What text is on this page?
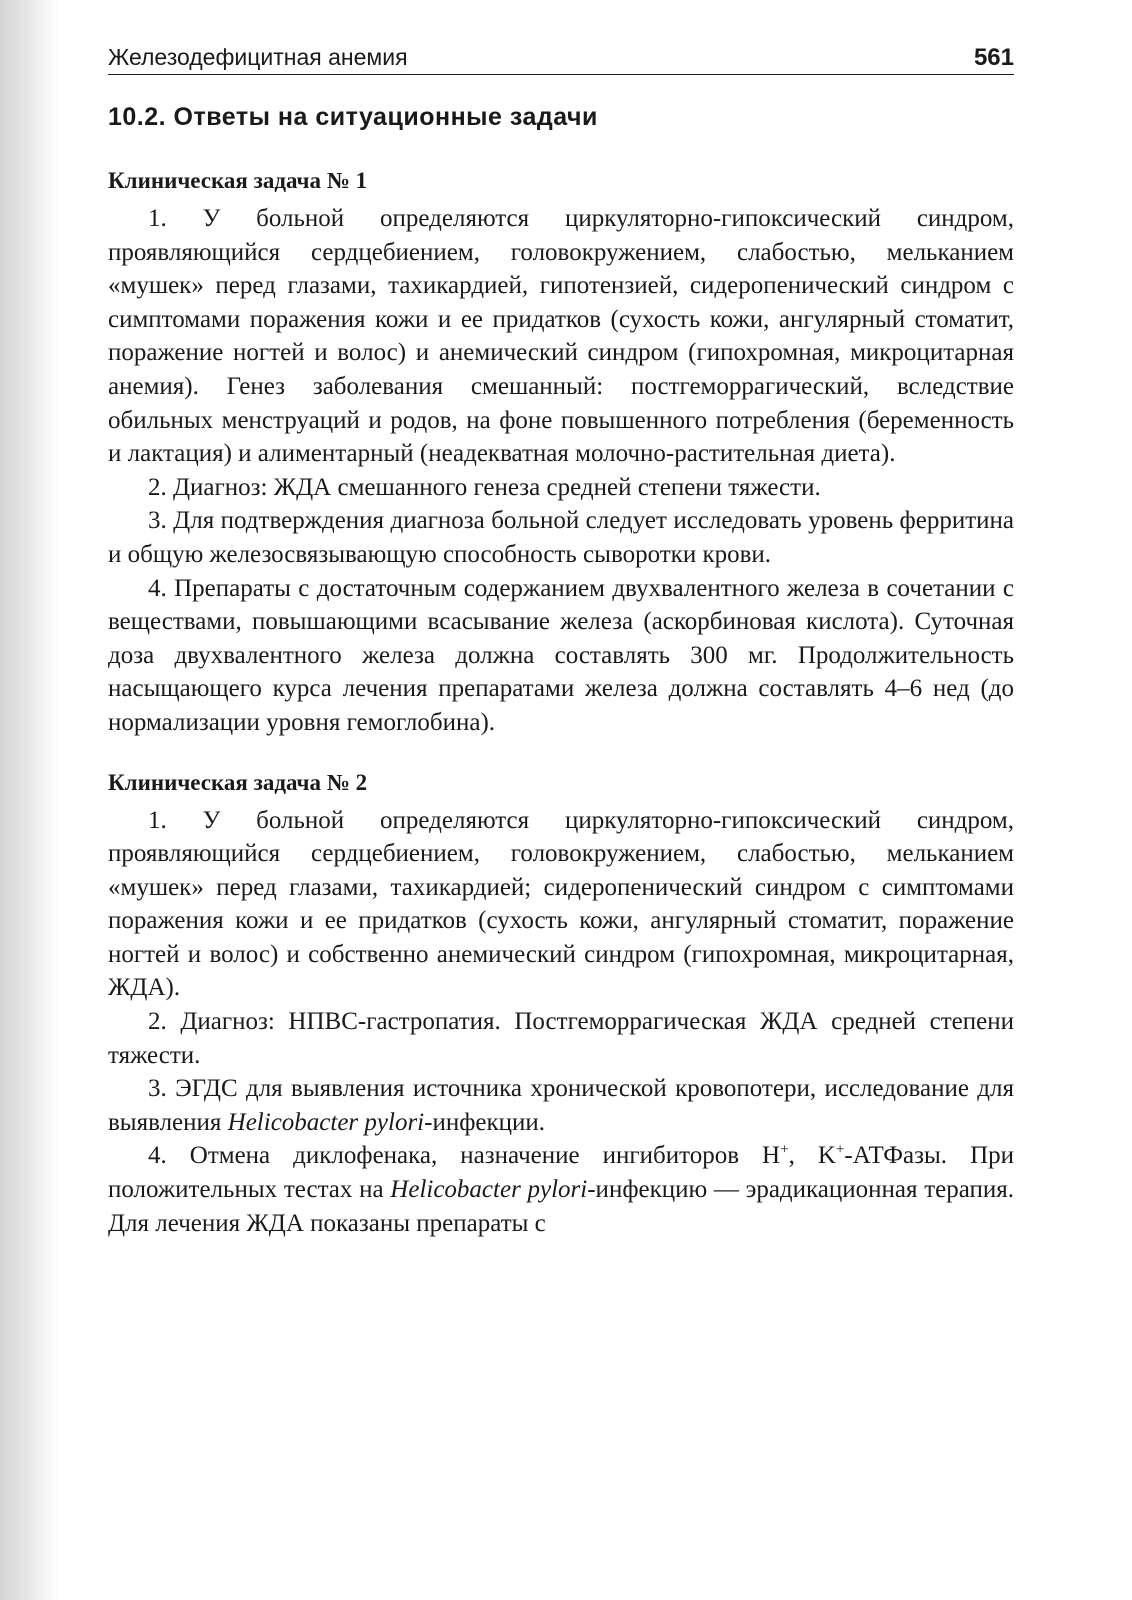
Железодефицитная анемия	561
10.2. Ответы на ситуационные задачи
Клиническая задача № 1

1. У больной определяются циркуляторно-гипоксический синдром, проявляющийся сердцебиением, головокружением, слабостью, мельканием «мушек» перед глазами, тахикардией, гипотензией, сидеропенический синдром с симптомами поражения кожи и ее придатков (сухость кожи, ангулярный стоматит, поражение ногтей и волос) и анемический синдром (гипохромная, микроцитарная анемия). Генез заболевания смешанный: постгеморрагический, вследствие обильных менструаций и родов, на фоне повышенного потребления (беременность и лактация) и алиментарный (неадекватная молочно-растительная диета).

2. Диагноз: ЖДА смешанного генеза средней степени тяжести.

3. Для подтверждения диагноза больной следует исследовать уровень ферритина и общую железосвязывающую способность сыворотки крови.

4. Препараты с достаточным содержанием двухвалентного железа в сочетании с веществами, повышающими всасывание железа (аскорбиновая кислота). Суточная доза двухвалентного железа должна составлять 300 мг. Продолжительность насыщающего курса лечения препаратами железа должна составлять 4–6 нед (до нормализации уровня гемоглобина).

Клиническая задача № 2

1. У больной определяются циркуляторно-гипоксический синдром, проявляющийся сердцебиением, головокружением, слабостью, мельканием «мушек» перед глазами, тахикардией; сидеропенический синдром с симптомами поражения кожи и ее придатков (сухость кожи, ангулярный стоматит, поражение ногтей и волос) и собственно анемический синдром (гипохромная, микроцитарная, ЖДА).

2. Диагноз: НПВС-гастропатия. Постгеморрагическая ЖДА средней степени тяжести.

3. ЭГДС для выявления источника хронической кровопотери, исследование для выявления Helicobacter pylori-инфекции.

4. Отмена диклофенака, назначение ингибиторов H+, K+-АТФазы. При положительных тестах на Helicobacter pylori-инфекцию — эрадикационная терапия. Для лечения ЖДА показаны препараты с
